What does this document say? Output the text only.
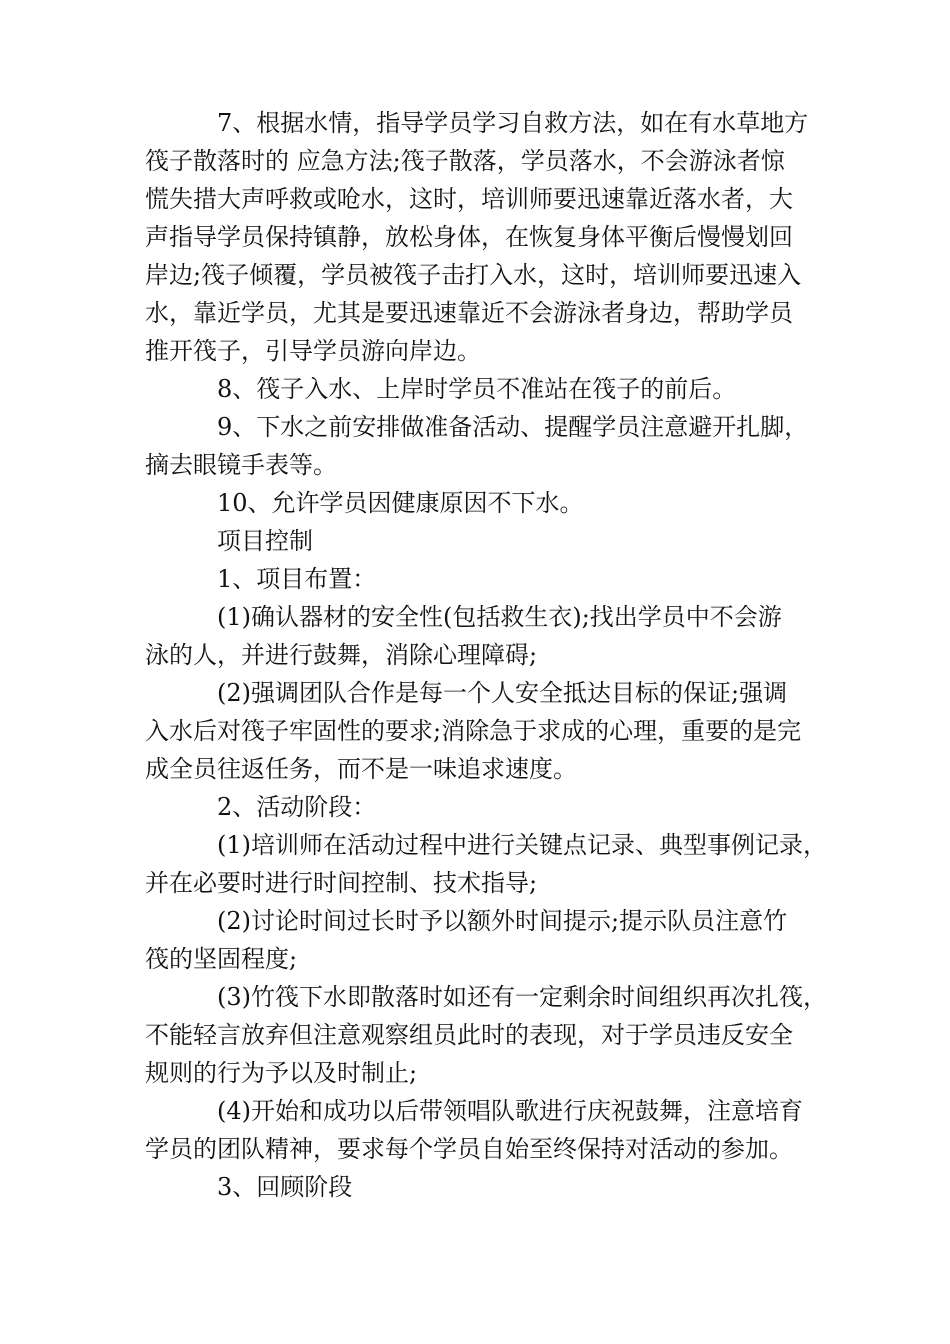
7、根据水情，指导学员学习自救方法，如在有水草地方
筏子散落时的 应急方法;筏子散落，学员落水，不会游泳者惊
慌失措大声呼救或呛水，这时，培训师要迅速靠近落水者，大
声指导学员保持镇静，放松身体，在恢复身体平衡后慢慢划回
岸边;筏子倾覆，学员被筏子击打入水，这时，培训师要迅速入
水，靠近学员，尤其是要迅速靠近不会游泳者身边，帮助学员
推开筏子，引导学员游向岸边。
8、筏子入水、上岸时学员不准站在筏子的前后。
9、下水之前安排做准备活动、提醒学员注意避开扎脚，
摘去眼镜手表等。
10、允许学员因健康原因不下水。
项目控制
1、项目布置：
(1)确认器材的安全性(包括救生衣);找出学员中不会游
泳的人，并进行鼓舞，消除心理障碍;
(2)强调团队合作是每一个人安全抵达目标的保证;强调
入水后对筏子牢固性的要求;消除急于求成的心理，重要的是完
成全员往返任务，而不是一味追求速度。
2、活动阶段：
(1)培训师在活动过程中进行关键点记录、典型事例记录，
并在必要时进行时间控制、技术指导;
(2)讨论时间过长时予以额外时间提示;提示队员注意竹
筏的坚固程度;
(3)竹筏下水即散落时如还有一定剩余时间组织再次扎筏，
不能轻言放弃但注意观察组员此时的表现，对于学员违反安全
规则的行为予以及时制止;
(4)开始和成功以后带领唱队歌进行庆祝鼓舞，注意培育
学员的团队精神，要求每个学员自始至终保持对活动的参加。
3、回顾阶段
